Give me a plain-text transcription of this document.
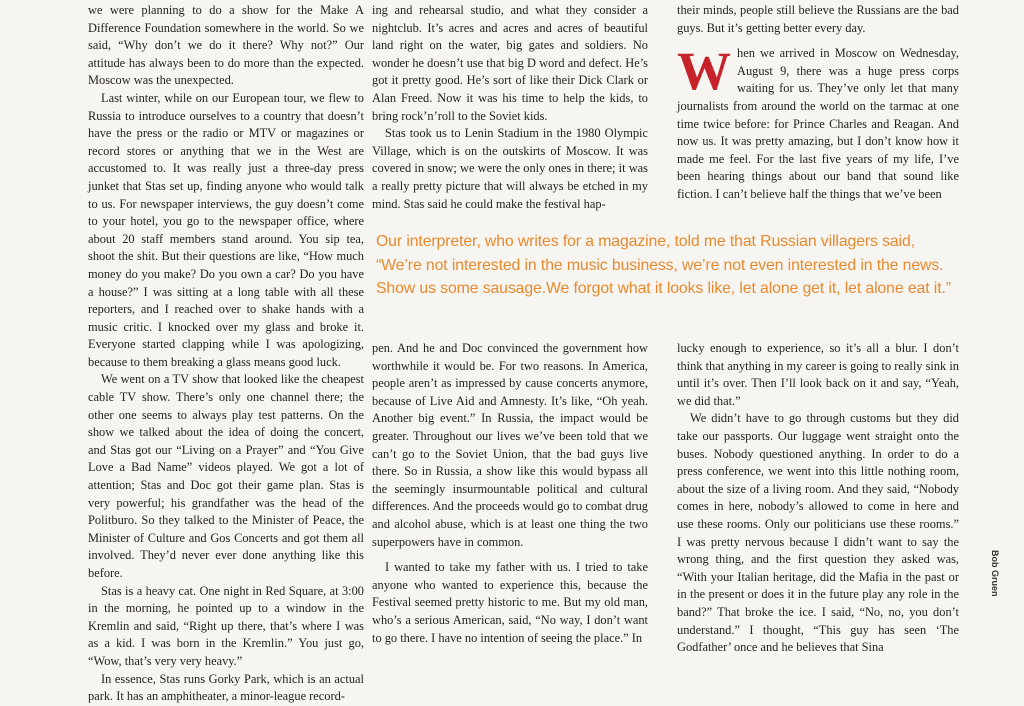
we were planning to do a show for the Make A Difference Foundation somewhere in the world. So we said, “Why don’t we do it there? Why not?” Our attitude has always been to do more than the expected. Moscow was the unexpected.

Last winter, while on our European tour, we flew to Russia to introduce ourselves to a country that doesn’t have the press or the radio or MTV or magazines or record stores or anything that we in the West are accustomed to. It was really just a three-day press junket that Stas set up, finding anyone who would talk to us. For newspaper interviews, the guy doesn’t come to your hotel, you go to the newspaper office, where about 20 staff members stand around. You sip tea, shoot the shit. But their questions are like, “How much money do you make? Do you own a car? Do you have a house?” I was sitting at a long table with all these reporters, and I reached over to shake hands with a music critic. I knocked over my glass and broke it. Everyone started clapping while I was apologizing, because to them breaking a glass means good luck.

We went on a TV show that looked like the cheapest cable TV show. There’s only one channel there; the other one seems to always play test patterns. On the show we talked about the idea of doing the concert, and Stas got our “Living on a Prayer” and “You Give Love a Bad Name” videos played. We got a lot of attention; Stas and Doc got their game plan. Stas is very powerful; his grandfather was the head of the Politburo. So they talked to the Minister of Peace, the Minister of Culture and Gos Concerts and got them all involved. They’d never ever done anything like this before.

Stas is a heavy cat. One night in Red Square, at 3:00 in the morning, he pointed up to a window in the Kremlin and said, “Right up there, that’s where I was as a kid. I was born in the Kremlin.” You just go, “Wow, that’s very very heavy.”

In essence, Stas runs Gorky Park, which is an actual park. It has an amphitheater, a minor-league record-

ing and rehearsal studio, and what they consider a nightclub. It’s acres and acres and acres of beautiful land right on the water, big gates and soldiers. No wonder he doesn’t use that big D word and defect. He’s got it pretty good. He’s sort of like their Dick Clark or Alan Freed. Now it was his time to help the kids, to bring rock’n’roll to the Soviet kids.

Stas took us to Lenin Stadium in the 1980 Olympic Village, which is on the outskirts of Moscow. It was covered in snow; we were the only ones in there; it was a really pretty picture that will always be etched in my mind. Stas said he could make the festival hap-

their minds, people still believe the Russians are the bad guys. But it’s getting better every day.

When we arrived in Moscow on Wednesday, August 9, there was a huge press corps waiting for us. They’ve only let that many journalists from around the world on the tarmac at one time twice before: for Prince Charles and Reagan. And now us. It was pretty amazing, but I don’t know how it made me feel. For the last five years of my life, I’ve been hearing things about our band that sound like fiction. I can’t believe half the things that we’ve been

Our interpreter, who writes for a magazine, told me that Russian villagers said,
“We’re not interested in the music business, we’re not even interested in the news.
Show us some sausage.We forgot what it looks like, let alone get it, let alone eat it.”

pen. And he and Doc convinced the government how worthwhile it would be. For two reasons. In America, people aren’t as impressed by cause concerts anymore, because of Live Aid and Amnesty. It’s like, “Oh yeah. Another big event.” In Russia, the impact would be greater. Throughout our lives we’ve been told that we can’t go to the Soviet Union, that the bad guys live there. So in Russia, a show like this would bypass all the seemingly insurmountable political and cultural differences. And the proceeds would go to combat drug and alcohol abuse, which is at least one thing the two superpowers have in common.

I wanted to take my father with us. I tried to take anyone who wanted to experience this, because the Festival seemed pretty historic to me. But my old man, who’s a serious American, said, “No way, I don’t want to go there. I have no intention of seeing the place.” In

lucky enough to experience, so it’s all a blur. I don’t think that anything in my career is going to really sink in until it’s over. Then I’ll look back on it and say, “Yeah, we did that.”

We didn’t have to go through customs but they did take our passports. Our luggage went straight onto the buses. Nobody questioned anything. In order to do a press conference, we went into this little nothing room, about the size of a living room. And they said, “Nobody comes in here, nobody’s allowed to come in here and use these rooms. Only our politicians use these rooms.” I was pretty nervous because I didn’t want to say the wrong thing, and the first question they asked was, “With your Italian heritage, did the Mafia in the past or in the present or does it in the future play any role in the band?” That broke the ice. I said, “No, no, you don’t understand.” I thought, “This guy has seen ‘The Godfather’ once and he believes that Sina

Bob Gruen
